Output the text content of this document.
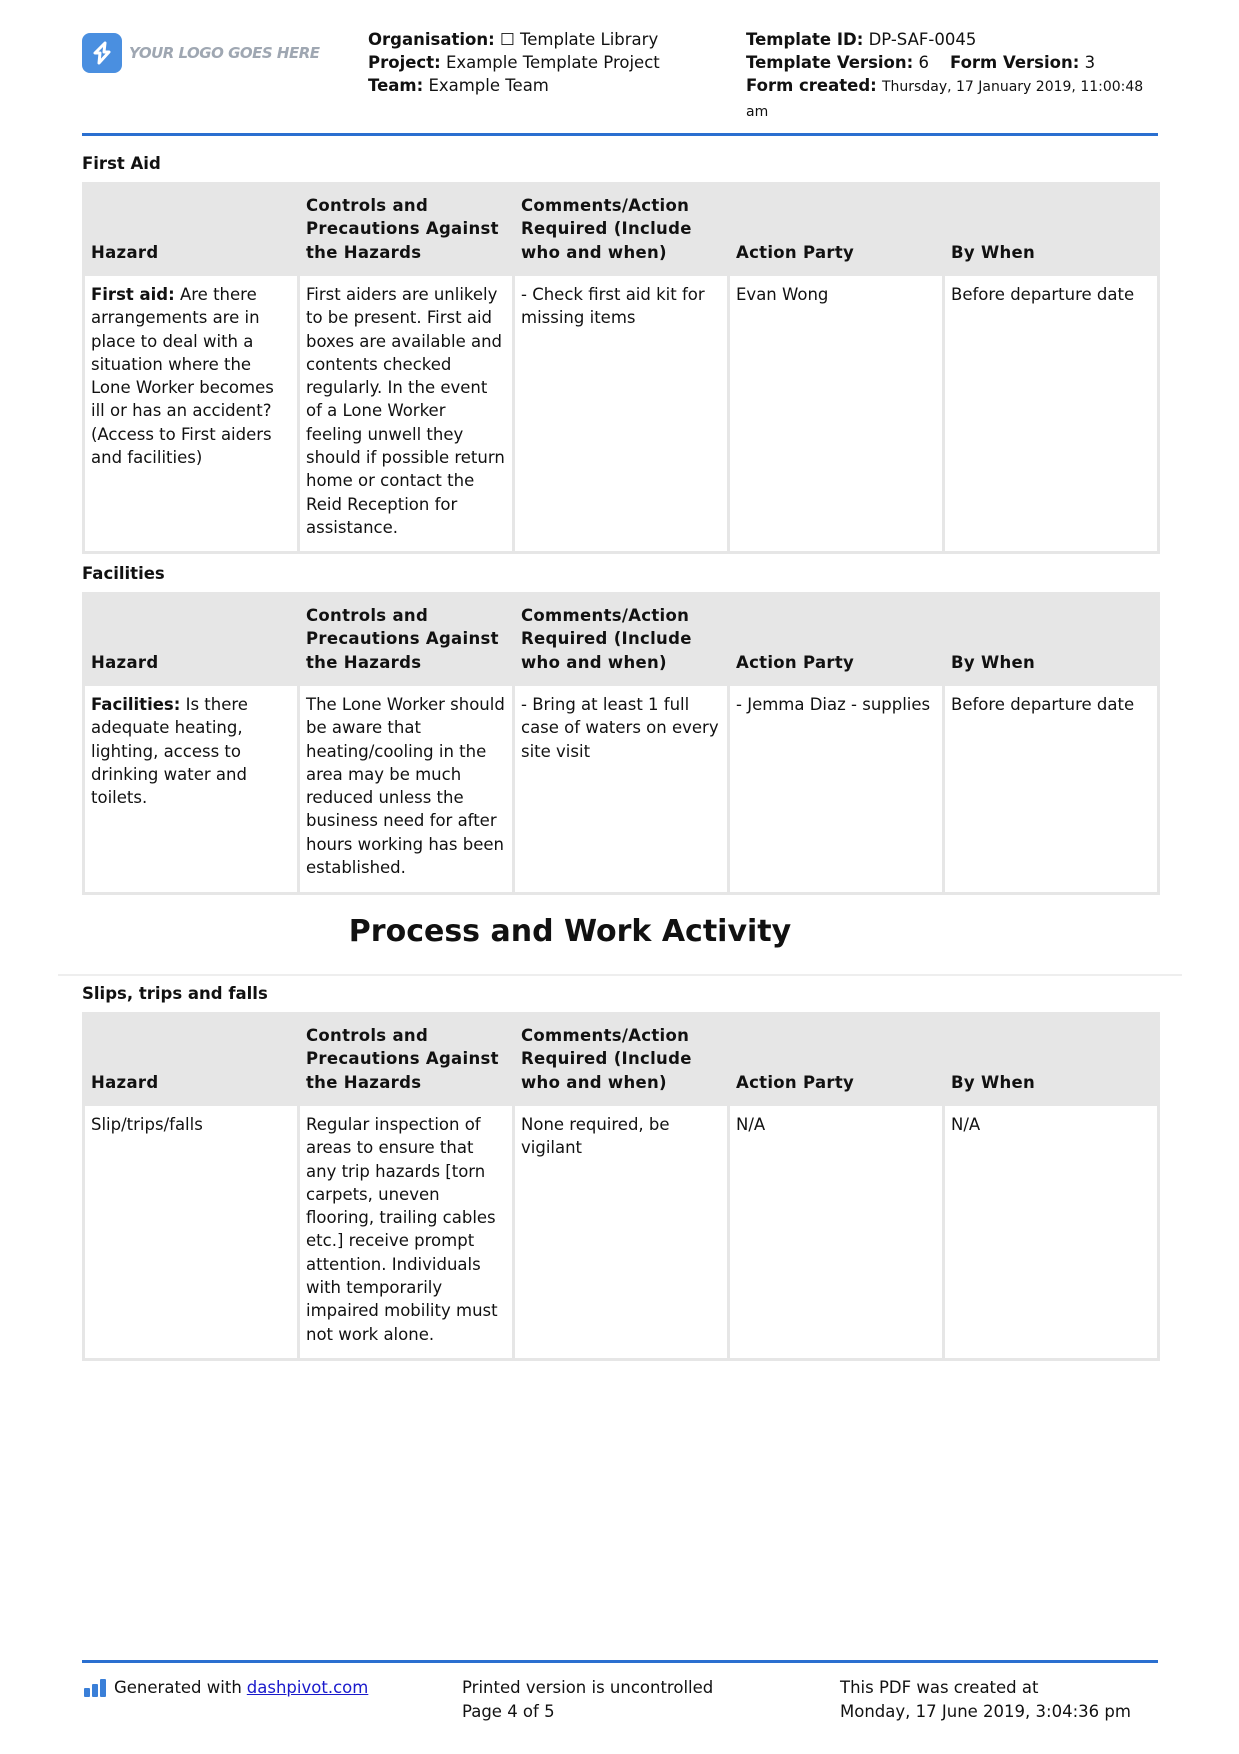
YOUR LOGO GOES HERE
Organisation: ☐ Template Library
Project: Example Template Project
Team: Example Team
Template ID: DP-SAF-0045
Template Version: 6 Form Version: 3
Form created: Thursday, 17 January 2019, 11:00:48 am
First Aid
Hazard	Controls and Precautions Against the Hazards	Comments/Action Required (Include who and when)	Action Party	By When
First aid: Are there arrangements are in place to deal with a situation where the Lone Worker becomes ill or has an accident? (Access to First aiders and facilities)	First aiders are unlikely to be present. First aid boxes are available and contents checked regularly. In the event of a Lone Worker feeling unwell they should if possible return home or contact the Reid Reception for assistance.	- Check first aid kit for missing items	Evan Wong	Before departure date
Facilities
Hazard	Controls and Precautions Against the Hazards	Comments/Action Required (Include who and when)	Action Party	By When
Facilities: Is there adequate heating, lighting, access to drinking water and toilets.	The Lone Worker should be aware that heating/cooling in the area may be much reduced unless the business need for after hours working has been established.	- Bring at least 1 full case of waters on every site visit	- Jemma Diaz - supplies	Before departure date
Process and Work Activity
Slips, trips and falls
Hazard	Controls and Precautions Against the Hazards	Comments/Action Required (Include who and when)	Action Party	By When
Slip/trips/falls	Regular inspection of areas to ensure that any trip hazards [torn carpets, uneven flooring, trailing cables etc.] receive prompt attention. Individuals with temporarily impaired mobility must not work alone.	None required, be vigilant	N/A	N/A
Generated with dashpivot.com	Printed version is uncontrolled
Page 4 of 5
This PDF was created at
Monday, 17 June 2019, 3:04:36 pm
